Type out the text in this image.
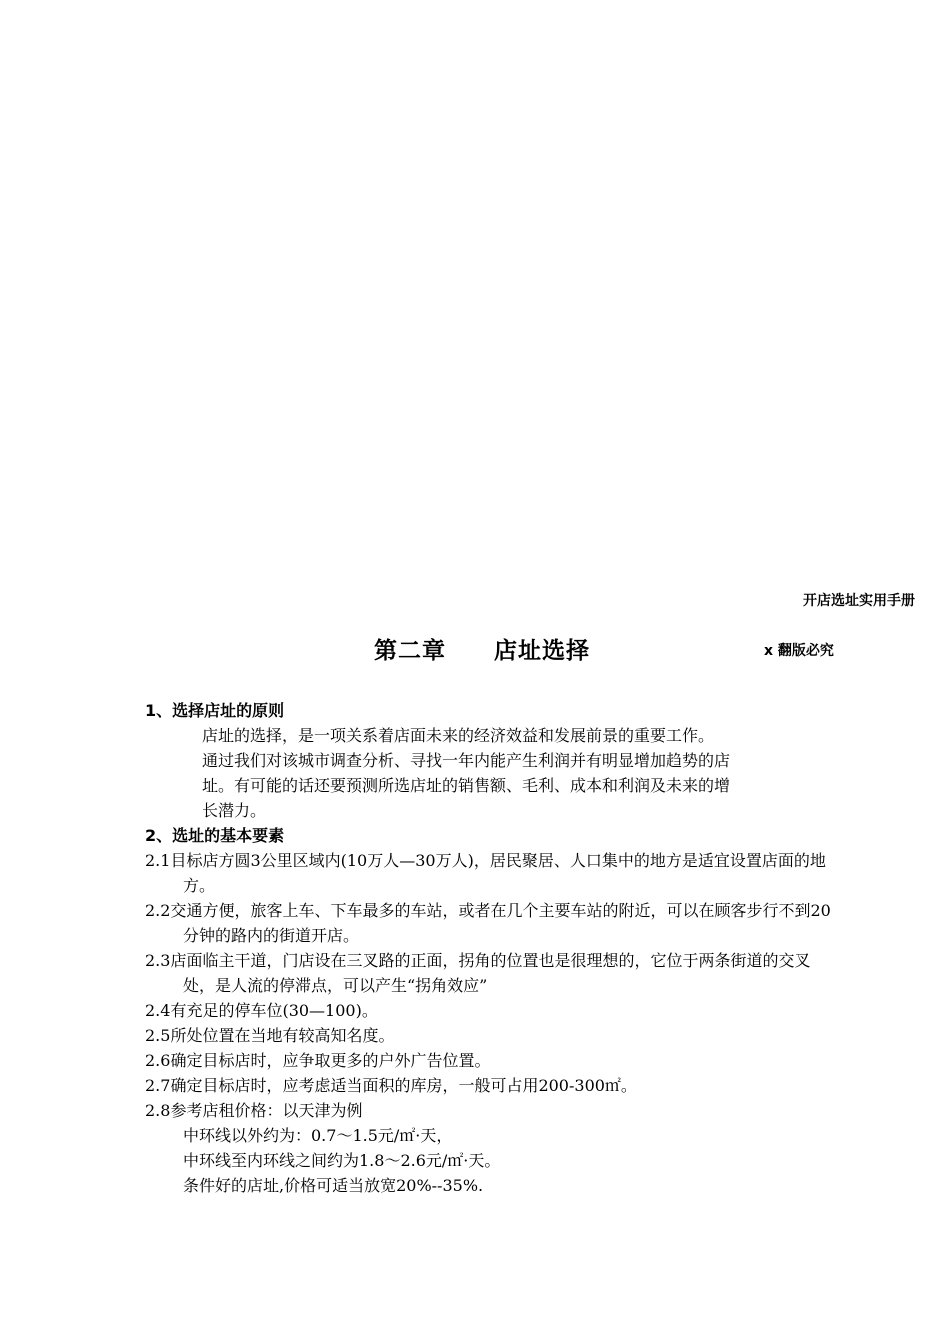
开店选址实用手册
第二章 店址选择	x 翻版必究

1、选择店址的原则

店址的选择，是一项关系着店面未来的经济效益和发展前景的重要工作。

通过我们对该城市调查分析、寻找一年内能产生利润并有明显增加趋势的店

址。有可能的话还要预测所选店址的销售额、毛利、成本和利润及未来的增

长潜力。

2、选址的基本要素

2.1目标店方圆3公里区域内(10万人—30万人)，居民聚居、人口集中的地方是适宜设置店面的地方。

2.2交通方便，旅客上车、下车最多的车站，或者在几个主要车站的附近，可以在顾客步行不到20分钟的路内的街道开店。

2.3店面临主干道，门店设在三叉路的正面，拐角的位置也是很理想的，它位于两条街道的交叉处，是人流的停滞点，可以产生“拐角效应”

2.4有充足的停车位(30—100)。

2.5所处位置在当地有较高知名度。

2.6确定目标店时，应争取更多的户外广告位置。

2.7确定目标店时，应考虑适当面积的库房，一般可占用200-300㎡。

2.8参考店租价格：以天津为例

中环线以外约为：0.7～1.5元/㎡·天，

中环线至内环线之间约为1.8～2.6元/㎡·天。

条件好的店址,价格可适当放宽20%--35%.
